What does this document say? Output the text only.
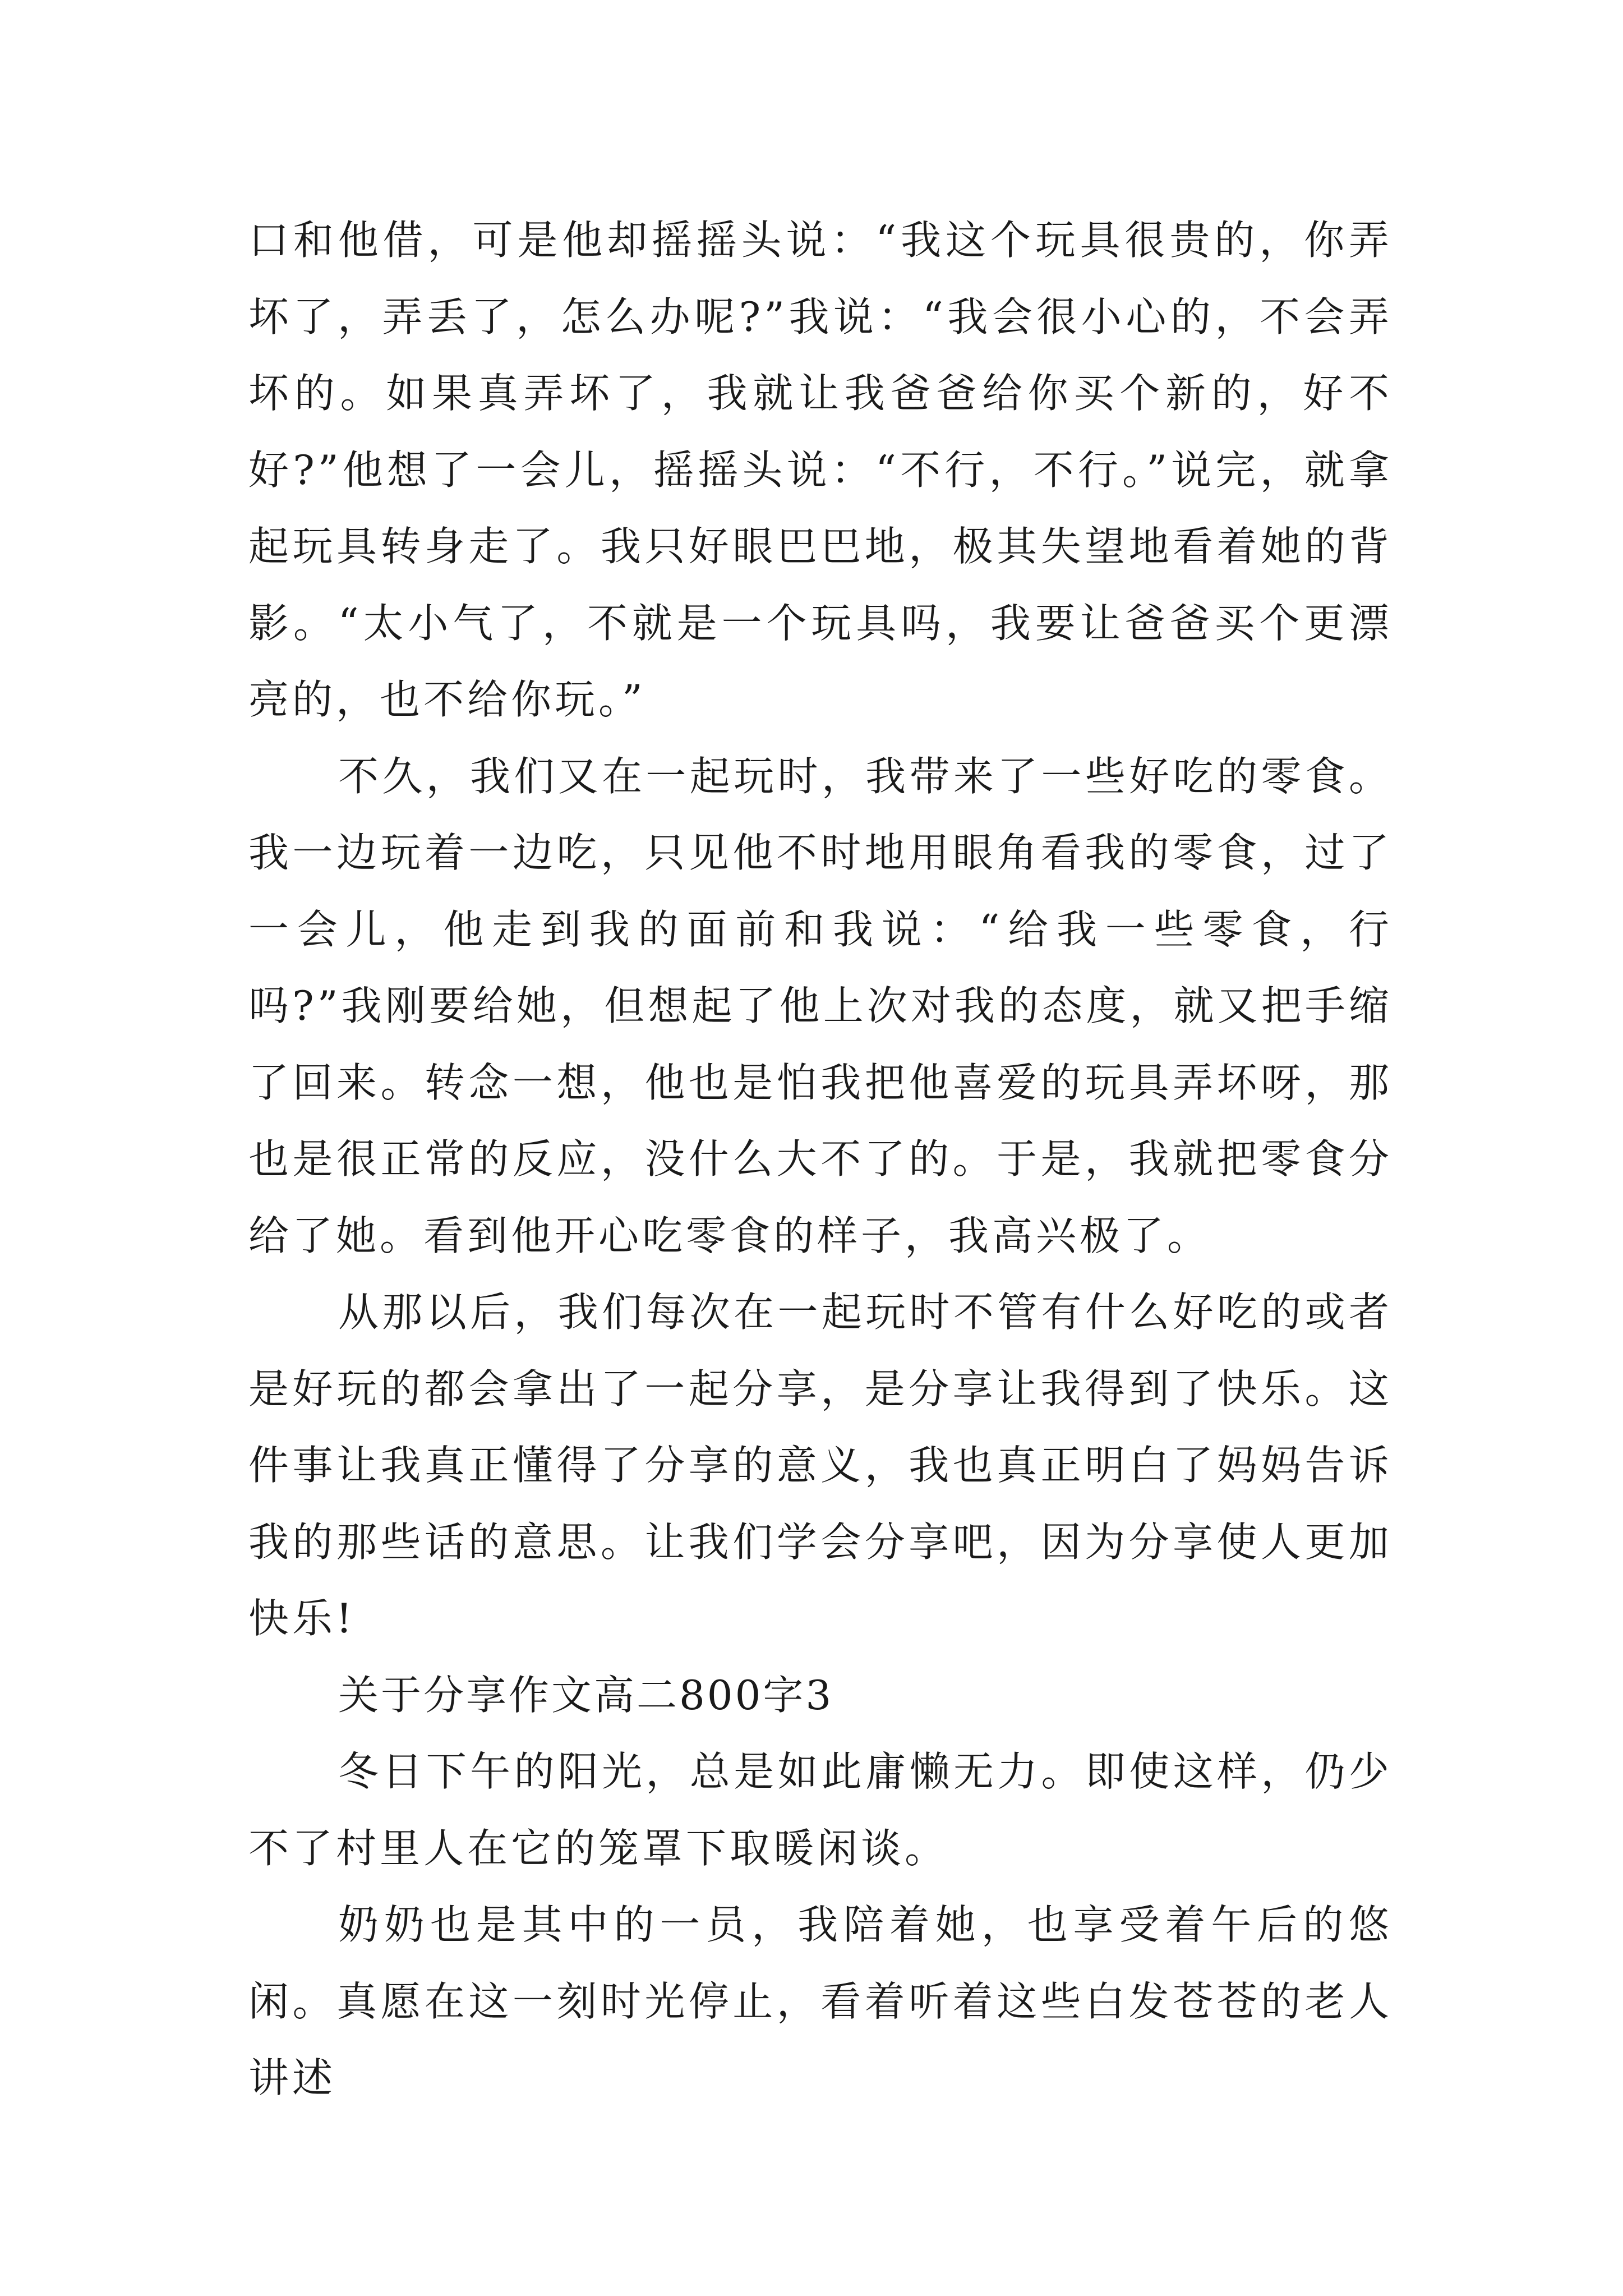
口和他借，可是他却摇摇头说：“我这个玩具很贵的，你弄坏了，弄丢了，怎么办呢?”我说：“我会很小心的，不会弄坏的。如果真弄坏了，我就让我爸爸给你买个新的，好不好?”他想了一会儿，摇摇头说：“不行，不行。”说完，就拿起玩具转身走了。我只好眼巴巴地，极其失望地看着她的背影。“太小气了，不就是一个玩具吗，我要让爸爸买个更漂亮的，也不给你玩。”

不久，我们又在一起玩时，我带来了一些好吃的零食。我一边玩着一边吃，只见他不时地用眼角看我的零食，过了一会儿，他走到我的面前和我说：“给我一些零食，行吗?”我刚要给她，但想起了他上次对我的态度，就又把手缩了回来。转念一想，他也是怕我把他喜爱的玩具弄坏呀，那也是很正常的反应，没什么大不了的。于是，我就把零食分给了她。看到他开心吃零食的样子，我高兴极了。

从那以后，我们每次在一起玩时不管有什么好吃的或者是好玩的都会拿出了一起分享，是分享让我得到了快乐。这件事让我真正懂得了分享的意义，我也真正明白了妈妈告诉我的那些话的意思。让我们学会分享吧，因为分享使人更加快乐!

关于分享作文高二800字3

冬日下午的阳光，总是如此庸懒无力。即使这样，仍少不了村里人在它的笼罩下取暖闲谈。

奶奶也是其中的一员，我陪着她，也享受着午后的悠闲。真愿在这一刻时光停止，看着听着这些白发苍苍的老人讲述
